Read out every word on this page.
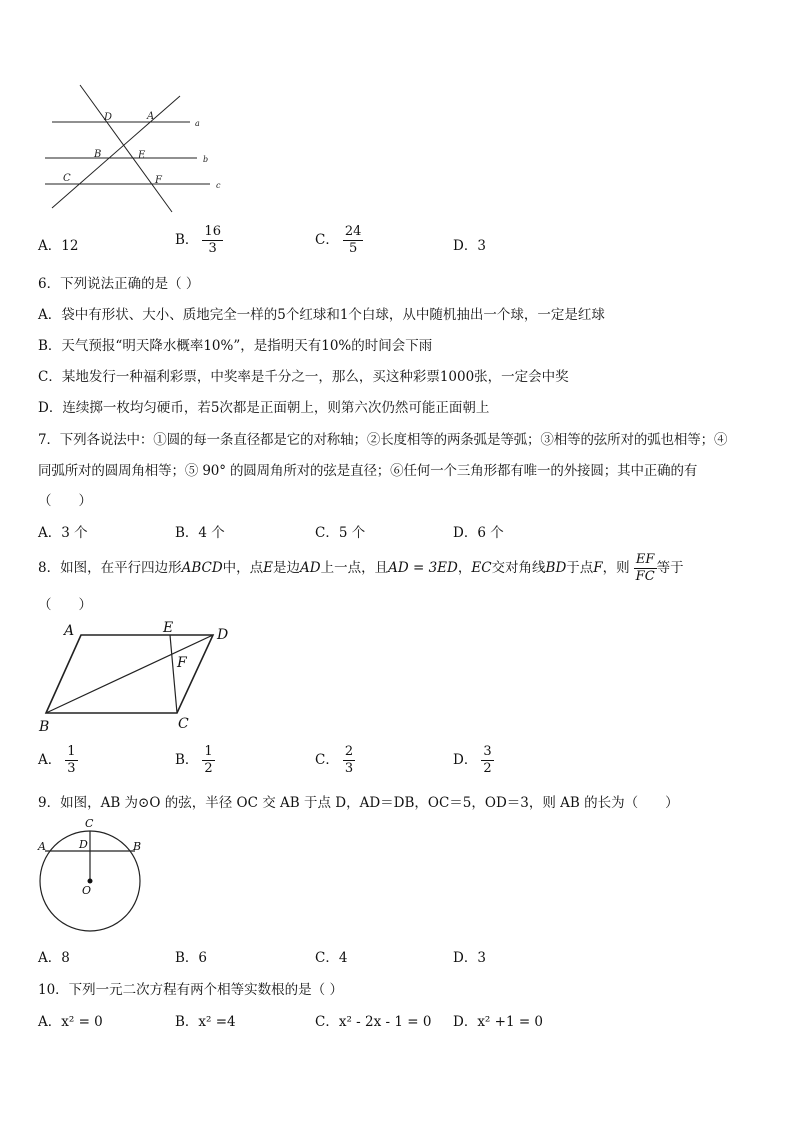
D	A
B	E
C	F
a
b
c
A．12	B． $\frac{16}{3}$	C． $\frac{24}{5}$	D．3
6．下列说法正确的是（ ）
A．袋中有形状、大小、质地完全一样的5个红球和1个白球，从中随机抽出一个球，一定是红球
B．天气预报“明天降水概率10%”，是指明天有10%的时间会下雨
C．某地发行一种福利彩票，中奖率是千分之一，那么，买这种彩票1000张，一定会中奖
D．连续掷一枚均匀硬币，若5次都是正面朝上，则第六次仍然可能正面朝上
7．下列各说法中：①圆的每一条直径都是它的对称轴；②长度相等的两条弧是等弧；③相等的弦所对的弧也相等；④
同弧所对的圆周角相等；⑤ 90° 的圆周角所对的弦是直径；⑥任何一个三角形都有唯一的外接圆；其中正确的有
（　　）
A．3 个	B．4 个	C．5 个	D．6 个
8．如图，在平行四边形ABCD中，点E是边AD上一点，且AD = 3ED，EC交对角线BD于点F，则 $\frac{EF}{FC}$ 等于
（　　）
A	E	D
F
B	C
A． $\frac{1}{3}$	B． $\frac{1}{2}$	C． $\frac{2}{3}$	D． $\frac{3}{2}$
9．如图，AB 为⊙O 的弦，半径 OC 交 AB 于点 D，AD＝DB，OC＝5，OD＝3，则 AB 的长为（　　）
C
A	D	B
O
A．8	B．6	C．4	D．3
10．下列一元二次方程有两个相等实数根的是（ ）
A．x² = 0	B．x² =4	C．x² - 2x - 1 = 0 D．x² +1 = 0
